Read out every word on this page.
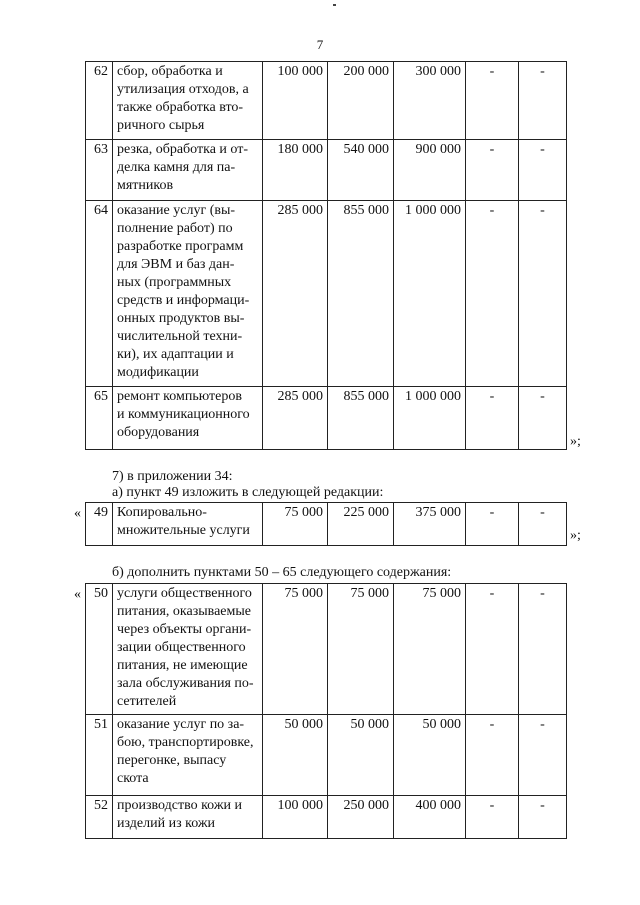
7
62 сбор, обработка и
утилизация отходов, а
также обработка вто-
ричного сырья
100 000	200 000	300 000	-	-
63 резка, обработка и от-
делка камня для па-
мятников
180 000	540 000	900 000	-	-
64 оказание услуг (вы-
полнение работ) по
разработке программ
для ЭВМ и баз дан-
ных (программных
средств и информаци-
онных продуктов вы-
числительной техни-
ки), их адаптации и
модификации
285 000	855 000	1 000 000	-	-
65 ремонт компьютеров
и коммуникационного
оборудования
285 000	855 000	1 000 000	-	-
»;
7) в приложении 34:
а) пункт 49 изложить в следующей редакции:
« 49 Копировально-
множительные услуги
75 000	225 000	375 000	-	-
»;
б) дополнить пунктами 50 – 65 следующего содержания:
« 50 услуги общественного
питания, оказываемые
через объекты органи-
зации общественного
питания, не имеющие
зала обслуживания по-
сетителей
75 000	75 000	75 000	-	-
51 оказание услуг по за-
бою, транспортировке,
перегонке, выпасу
скота
50 000	50 000	50 000	-	-
52 производство кожи и
изделий из кожи
100 000	250 000	400 000	-	-
